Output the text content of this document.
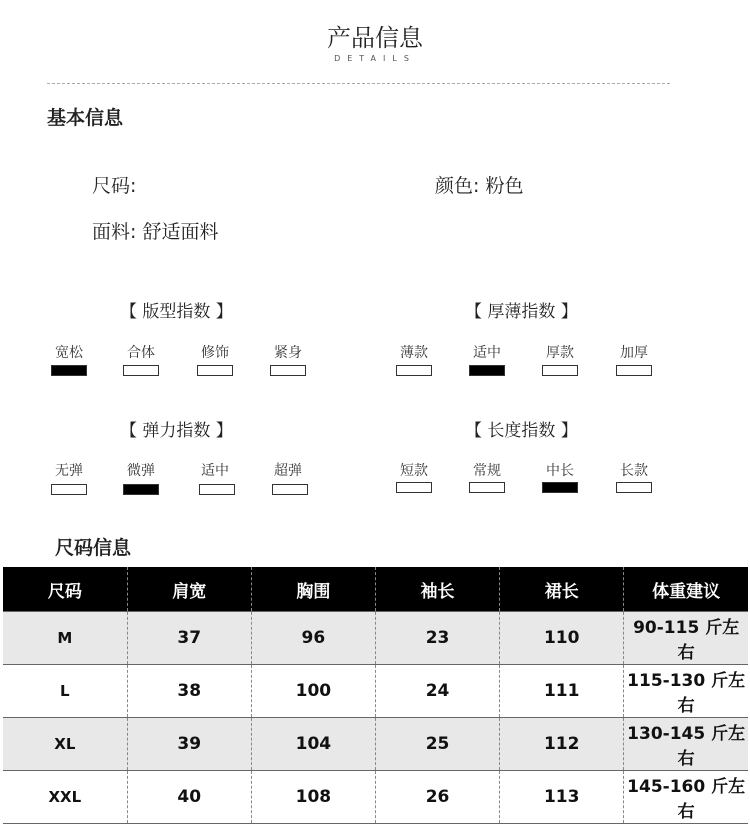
产品信息
DETAILS
基本信息
尺码:	颜色: 粉色
面料: 舒适面料
【 版型指数 】
宽松	合体	修饰	紧身
【 厚薄指数 】
薄款	适中	厚款	加厚
【 弹力指数 】
无弹	微弹	适中	超弹
【 长度指数 】
短款	常规	中长	长款
尺码信息
尺码	肩宽	胸围	袖长	裙长	体重建议
M	37	96	23	110	90-115 斤左右
L	38	100	24	111	115-130 斤左右
XL	39	104	25	112	130-145 斤左右
XXL	40	108	26	113	145-160 斤左右
